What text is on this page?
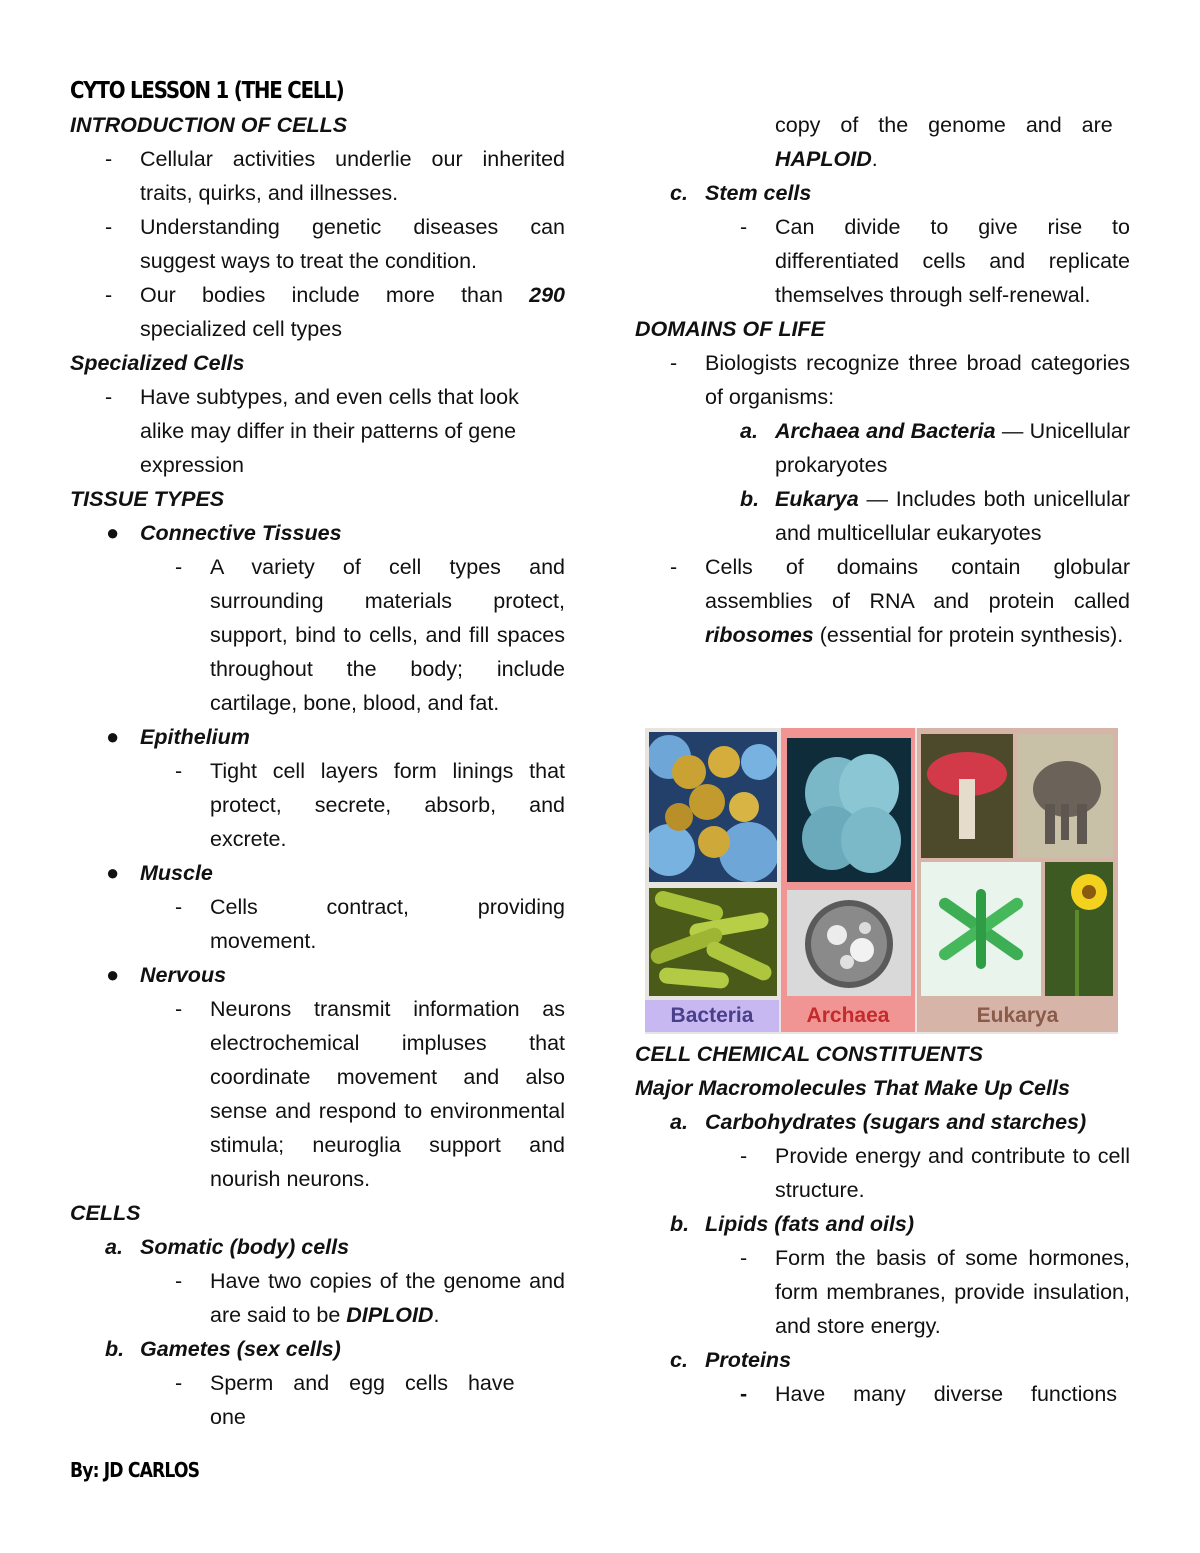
CYTO LESSON 1 (THE CELL)
INTRODUCTION OF CELLS
-	Cellular activities underlie our inherited traits, quirks, and illnesses.
-	Understanding genetic diseases can suggest ways to treat the condition.
-	Our bodies include more than 290 specialized cell types
Specialized Cells
-	Have subtypes, and even cells that look alike may differ in their patterns of gene expression
TISSUE TYPES
● Connective Tissues
-	A variety of cell types and surrounding materials protect, support, bind to cells, and fill spaces throughout the body; include cartilage, bone, blood, and fat.
● Epithelium
-	Tight cell layers form linings that protect, secrete, absorb, and excrete.
● Muscle
-	Cells contract, providing movement.
● Nervous
-	Neurons transmit information as electrochemical impluses that coordinate movement and also sense and respond to environmental stimula; neuroglia support and nourish neurons.
CELLS
a. Somatic (body) cells
-	Have two copies of the genome and are said to be DIPLOID.
b. Gametes (sex cells)
-	Sperm and egg cells have one
copy of the genome and are
HAPLOID.
c. Stem cells
-	Can divide to give rise to differentiated cells and replicate themselves through self-renewal.
DOMAINS OF LIFE
-	Biologists recognize three broad categories of organisms:
a. Archaea and Bacteria — Unicellular prokaryotes
b. Eukarya — Includes both unicellular and multicellular eukaryotes
-	Cells of domains contain globular assemblies of RNA and protein called ribosomes (essential for protein synthesis).
Bacteria	Archaea	Eukarya
CELL CHEMICAL CONSTITUENTS
Major Macromolecules That Make Up Cells
a. Carbohydrates (sugars and starches)
-	Provide energy and contribute to cell structure.
b. Lipids (fats and oils)
-	Form the basis of some hormones, form membranes, provide insulation, and store energy.
c. Proteins
-	Have many diverse functions
By: JD CARLOS
